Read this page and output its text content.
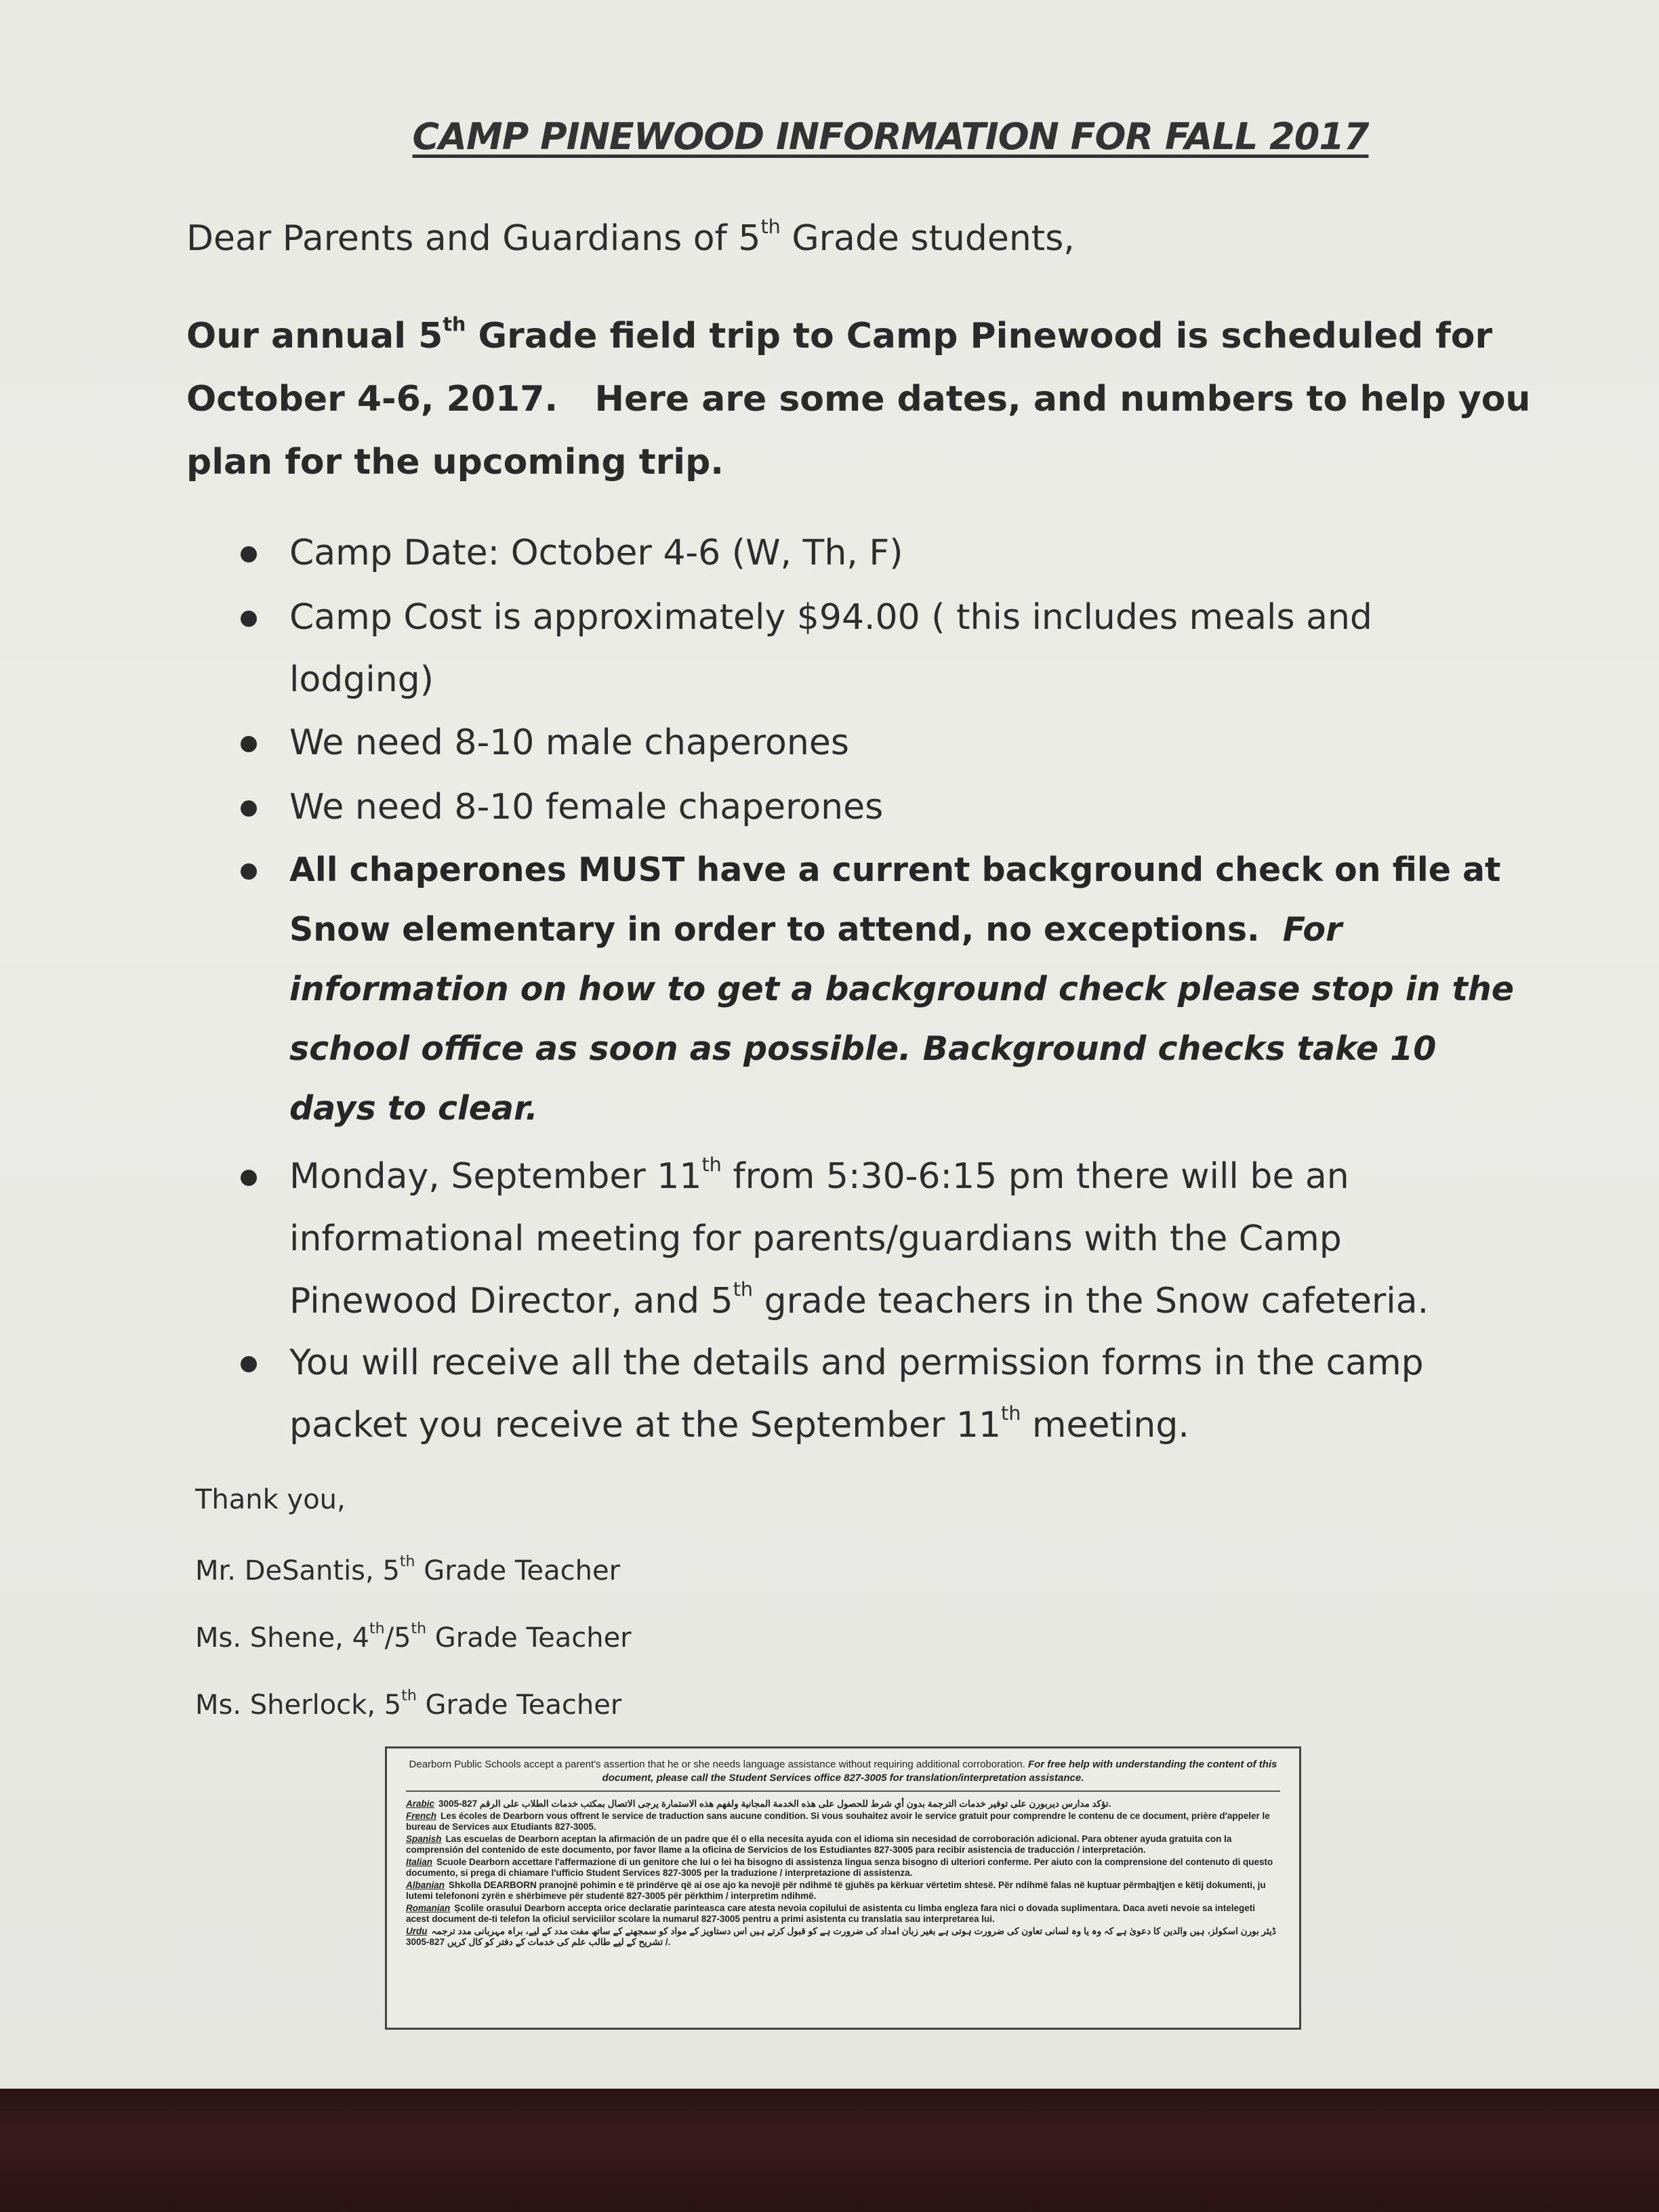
CAMP PINEWOOD INFORMATION FOR FALL 2017
Dear Parents and Guardians of 5th Grade students,
Our annual 5th Grade field trip to Camp Pinewood is scheduled for
October 4-6, 2017.   Here are some dates, and numbers to help you
plan for the upcoming trip.
Camp Date: October 4-6 (W, Th, F)
Camp Cost is approximately $94.00 ( this includes meals and
lodging)
We need 8-10 male chaperones
We need 8-10 female chaperones
All chaperones MUST have a current background check on file at
Snow elementary in order to attend, no exceptions.  For
information on how to get a background check please stop in the
school office as soon as possible. Background checks take 10
days to clear.
Monday, September 11th from 5:30-6:15 pm there will be an
informational meeting for parents/guardians with the Camp
Pinewood Director, and 5th grade teachers in the Snow cafeteria.
You will receive all the details and permission forms in the camp
packet you receive at the September 11th meeting.
Thank you,
Mr. DeSantis, 5th Grade Teacher
Ms. Shene, 4th/5th Grade Teacher
Ms. Sherlock, 5th Grade Teacher
Dearborn Public Schools accept a parent's assertion that he or she needs language assistance without requiring additional corroboration. For free help with understanding the content of this document, please call the Student Services office 827-3005 for translation/interpretation assistance.

Arabic تؤكد مدارس ديربورن على توفير خدمات الترجمة بدون أي شرط للحصول على هذه الخدمة المجانية ولفهم هذه الاستمارة يرجى الاتصال بمكتب خدمات الطلاب على الرقم 827-3005.

French Les écoles de Dearborn vous offrent le service de traduction sans aucune condition. Si vous souhaitez avoir le service gratuit pour comprendre le contenu de ce document, prière d'appeler le bureau de Services aux Etudiants 827-3005.

Spanish Las escuelas de Dearborn aceptan la afirmación de un padre que él o ella necesita ayuda con el idioma sin necesidad de corroboración adicional. Para obtener ayuda gratuita con la comprensión del contenido de este documento, por favor llame a la oficina de Servicios de los Estudiantes 827-3005 para recibir asistencia de traducción / interpretación.

Italian Scuole Dearborn accettare l'affermazione di un genitore che lui o lei ha bisogno di assistenza lingua senza bisogno di ulteriori conferme. Per aiuto con la comprensione del contenuto di questo documento, si prega di chiamare l'ufficio Student Services 827-3005 per la traduzione / interpretazione di assistenza.

Albanian Shkolla DEARBORN pranojnë pohimin e të prindërve që ai ose ajo ka nevojë për ndihmë të gjuhës pa kërkuar vërtetim shtesë. Për ndihmë falas në kuptuar përmbajtjen e këtij dokumenti, ju lutemi telefononi zyrën e shërbimeve për studentë 827-3005 për përkthim / interpretim ndihmë.

Romanian Școlile orasului Dearborn accepta orice declaratie parinteasca care atesta nevoia copilului de asistenta cu limba engleza fara nici o dovada suplimentara. Daca aveti nevoie sa intelegeti acest document de-ti telefon la oficiul serviciilor scolare la numarul 827-3005 pentru a primi asistenta cu translatia sau interpretarea lui.

Urdu ڈیئر بورن اسکولز، ہیں والدین کا دعویٰ ہے کہ وہ یا وہ لسانی تعاون کی ضرورت ہوتی ہے بغیر زبان امداد کی ضرورت ہے کو قبول کرتے ہیں اس دستاویز کے مواد کو سمجھنے کے ساتھ مفت مدد کے لیے، براہ مہربانی مدد ترجمہ / تشریح کے لیے طالب علم کی خدمات کے دفتر کو کال کریں 827-3005.
